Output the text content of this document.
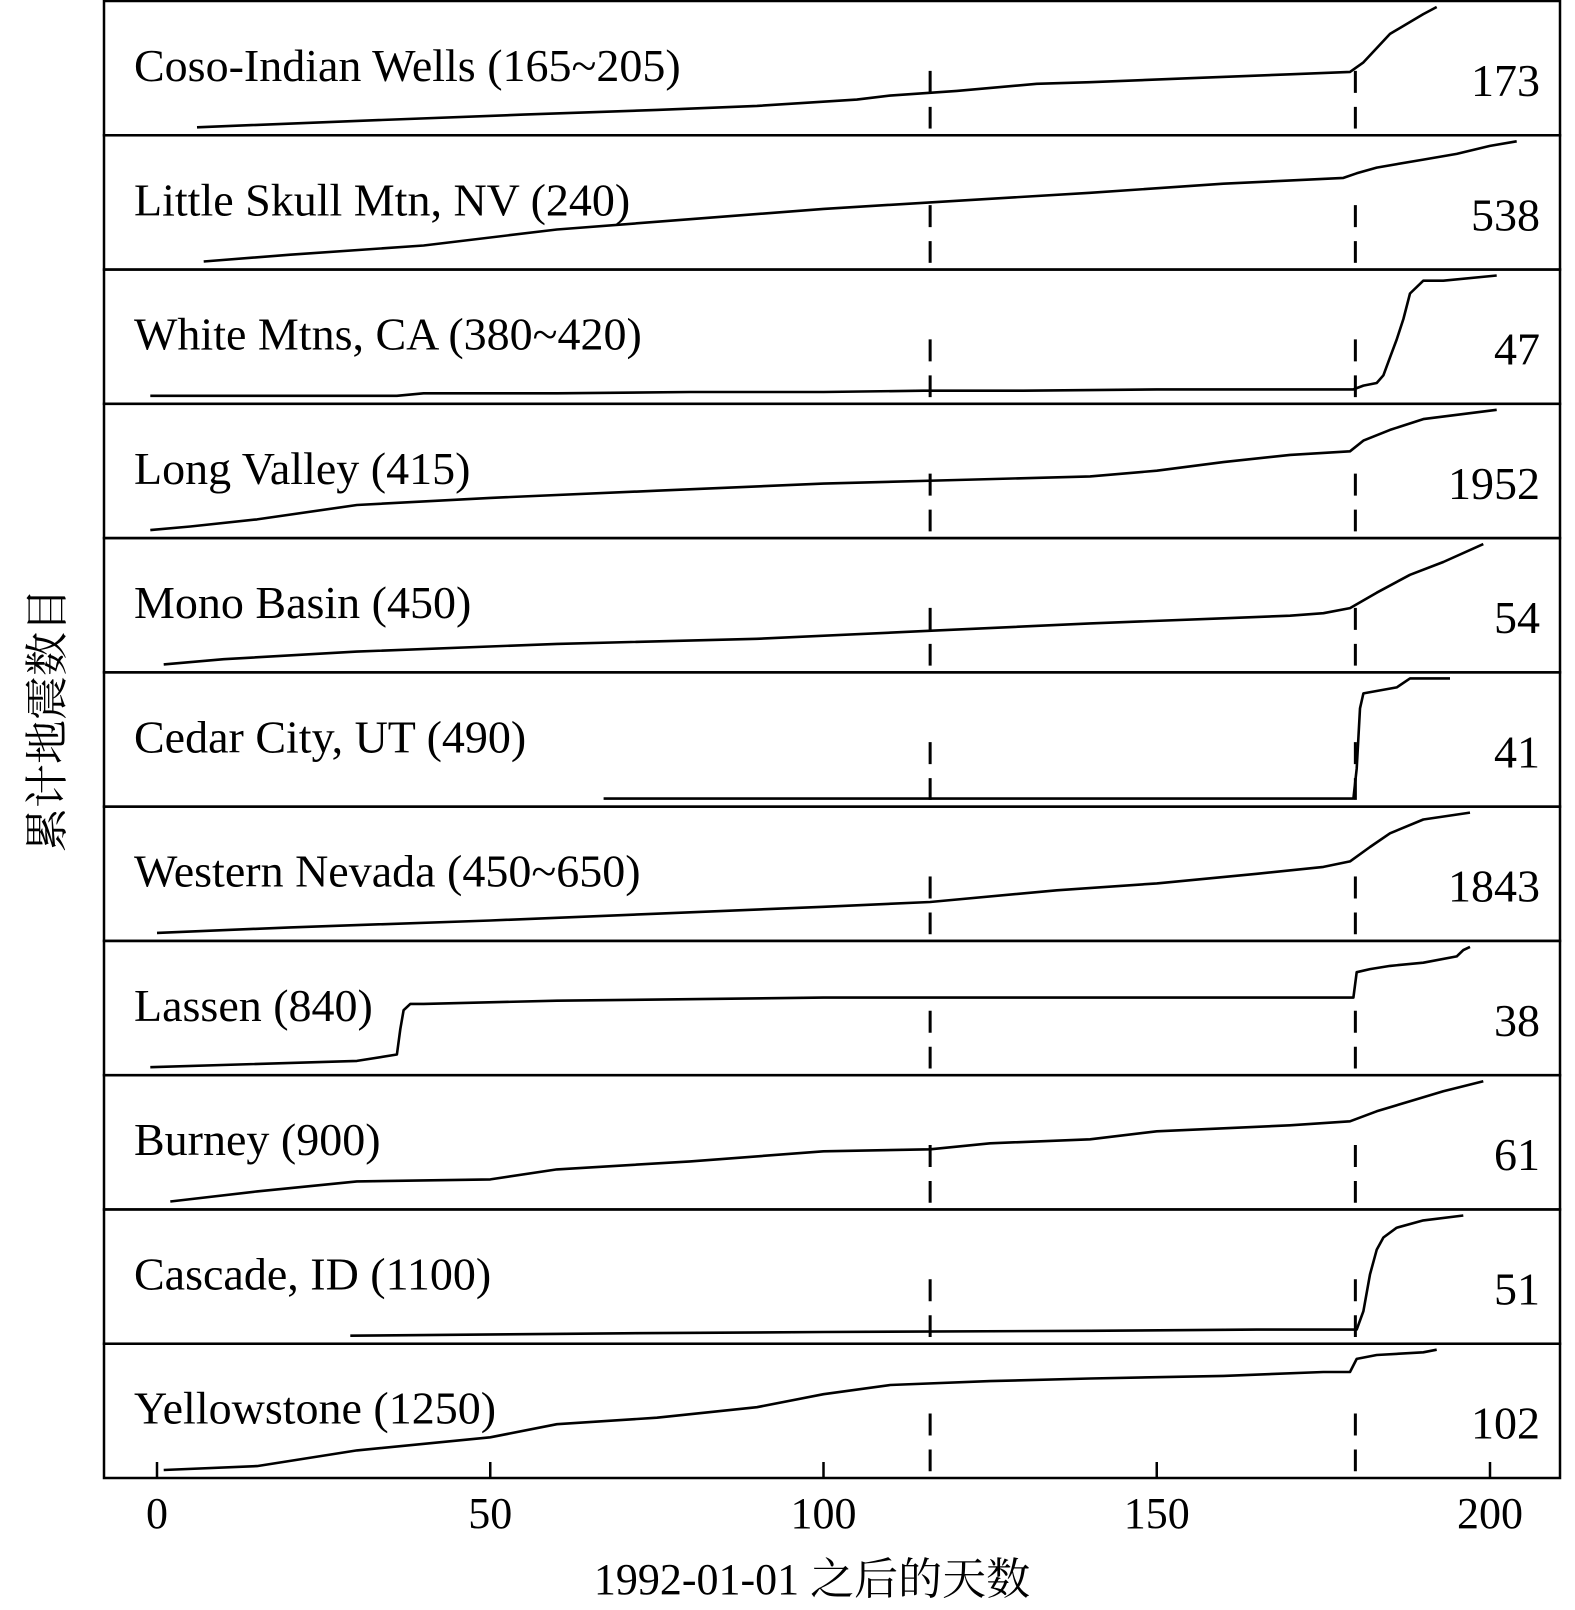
Coso-Indian Wells (165~205)	173
Little Skull Mtn, NV (240)	538
White Mtns, CA (380~420)	47
Long Valley (415)	1952
Mono Basin (450)	54
Cedar City, UT (490)	41
Western Nevada (450~650)	1843
Lassen (840)	38
Burney (900)	61
Cascade, ID (1100)	51
Yellowstone (1250)	102
0	50	100	150	200
1992-01-01 之后的天数
累计地震数目
